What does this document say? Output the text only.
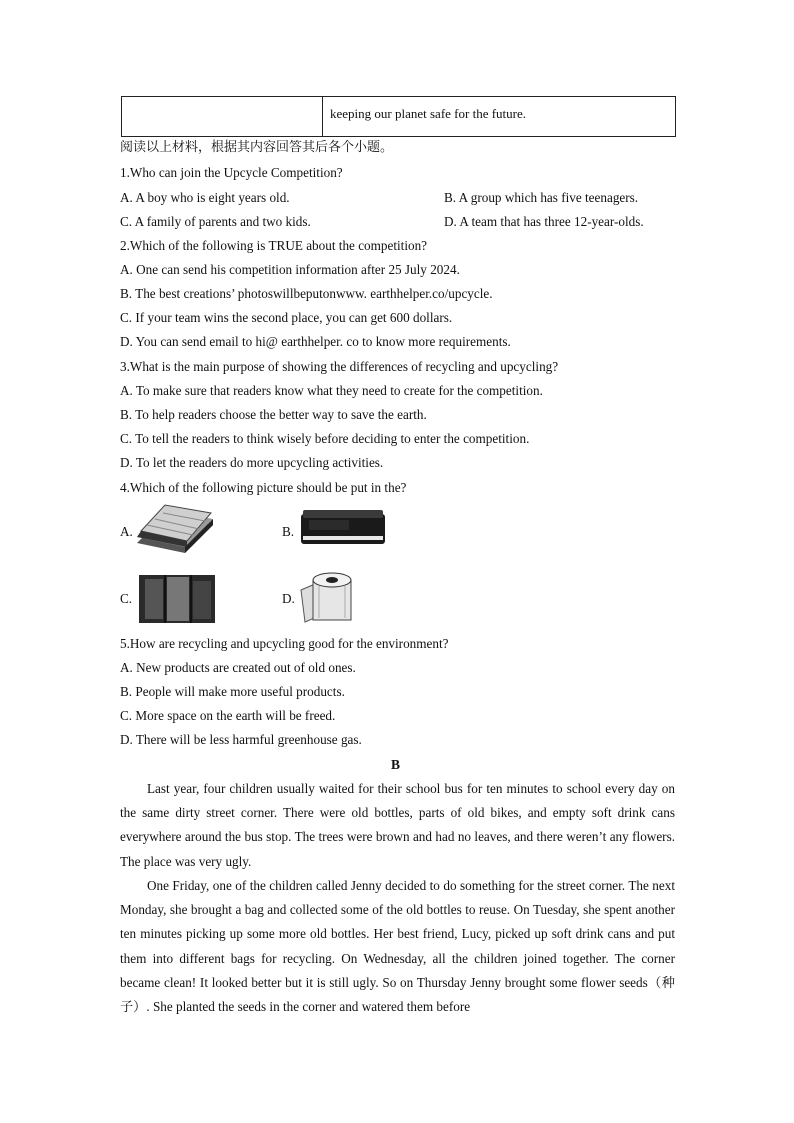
keeping our planet safe for the future.
阅读以上材料，根据其内容回答其后各个小题。
1.Who can join the Upcycle Competition?
A. A boy who is eight years old.	B. A group which has five teenagers.
C. A family of parents and two kids.	D. A team that has three 12-year-olds.
2.Which of the following is TRUE about the competition?
A. One can send his competition information after 25 July 2024.
B. The best creations’ photoswillbeputonwww. earthhelper.co/upcycle.
C. If your team wins the second place, you can get 600 dollars.
D. You can send email to hi@ earthhelper. co to know more requirements.
3.What is the main purpose of showing the differences of recycling and upcycling?
A. To make sure that readers know what they need to create for the competition.
B. To help readers choose the better way to save the earth.
C. To tell the readers to think wisely before deciding to enter the competition.
D. To let the readers do more upcycling activities.
4.Which of the following picture should be put in the?
A.	B.
C.	D.
5.How are recycling and upcycling good for the environment?
A. New products are created out of old ones.
B. People will make more useful products.
C. More space on the earth will be freed.
D. There will be less harmful greenhouse gas.
B
Last year, four children usually waited for their school bus for ten minutes to school every day on the same dirty street corner. There were old bottles, parts of old bikes, and empty soft drink cans everywhere around the bus stop. The trees were brown and had no leaves, and there weren’t any flowers. The place was very ugly.
One Friday, one of the children called Jenny decided to do something for the street corner. The next Monday, she brought a bag and collected some of the old bottles to reuse. On Tuesday, she spent another ten minutes picking up some more old bottles. Her best friend, Lucy, picked up soft drink cans and put them into different bags for recycling. On Wednesday, all the children joined together. The corner became clean! It looked better but it is still ugly. So on Thursday Jenny brought some flower seeds（种子）. She planted the seeds in the corner and watered them before
